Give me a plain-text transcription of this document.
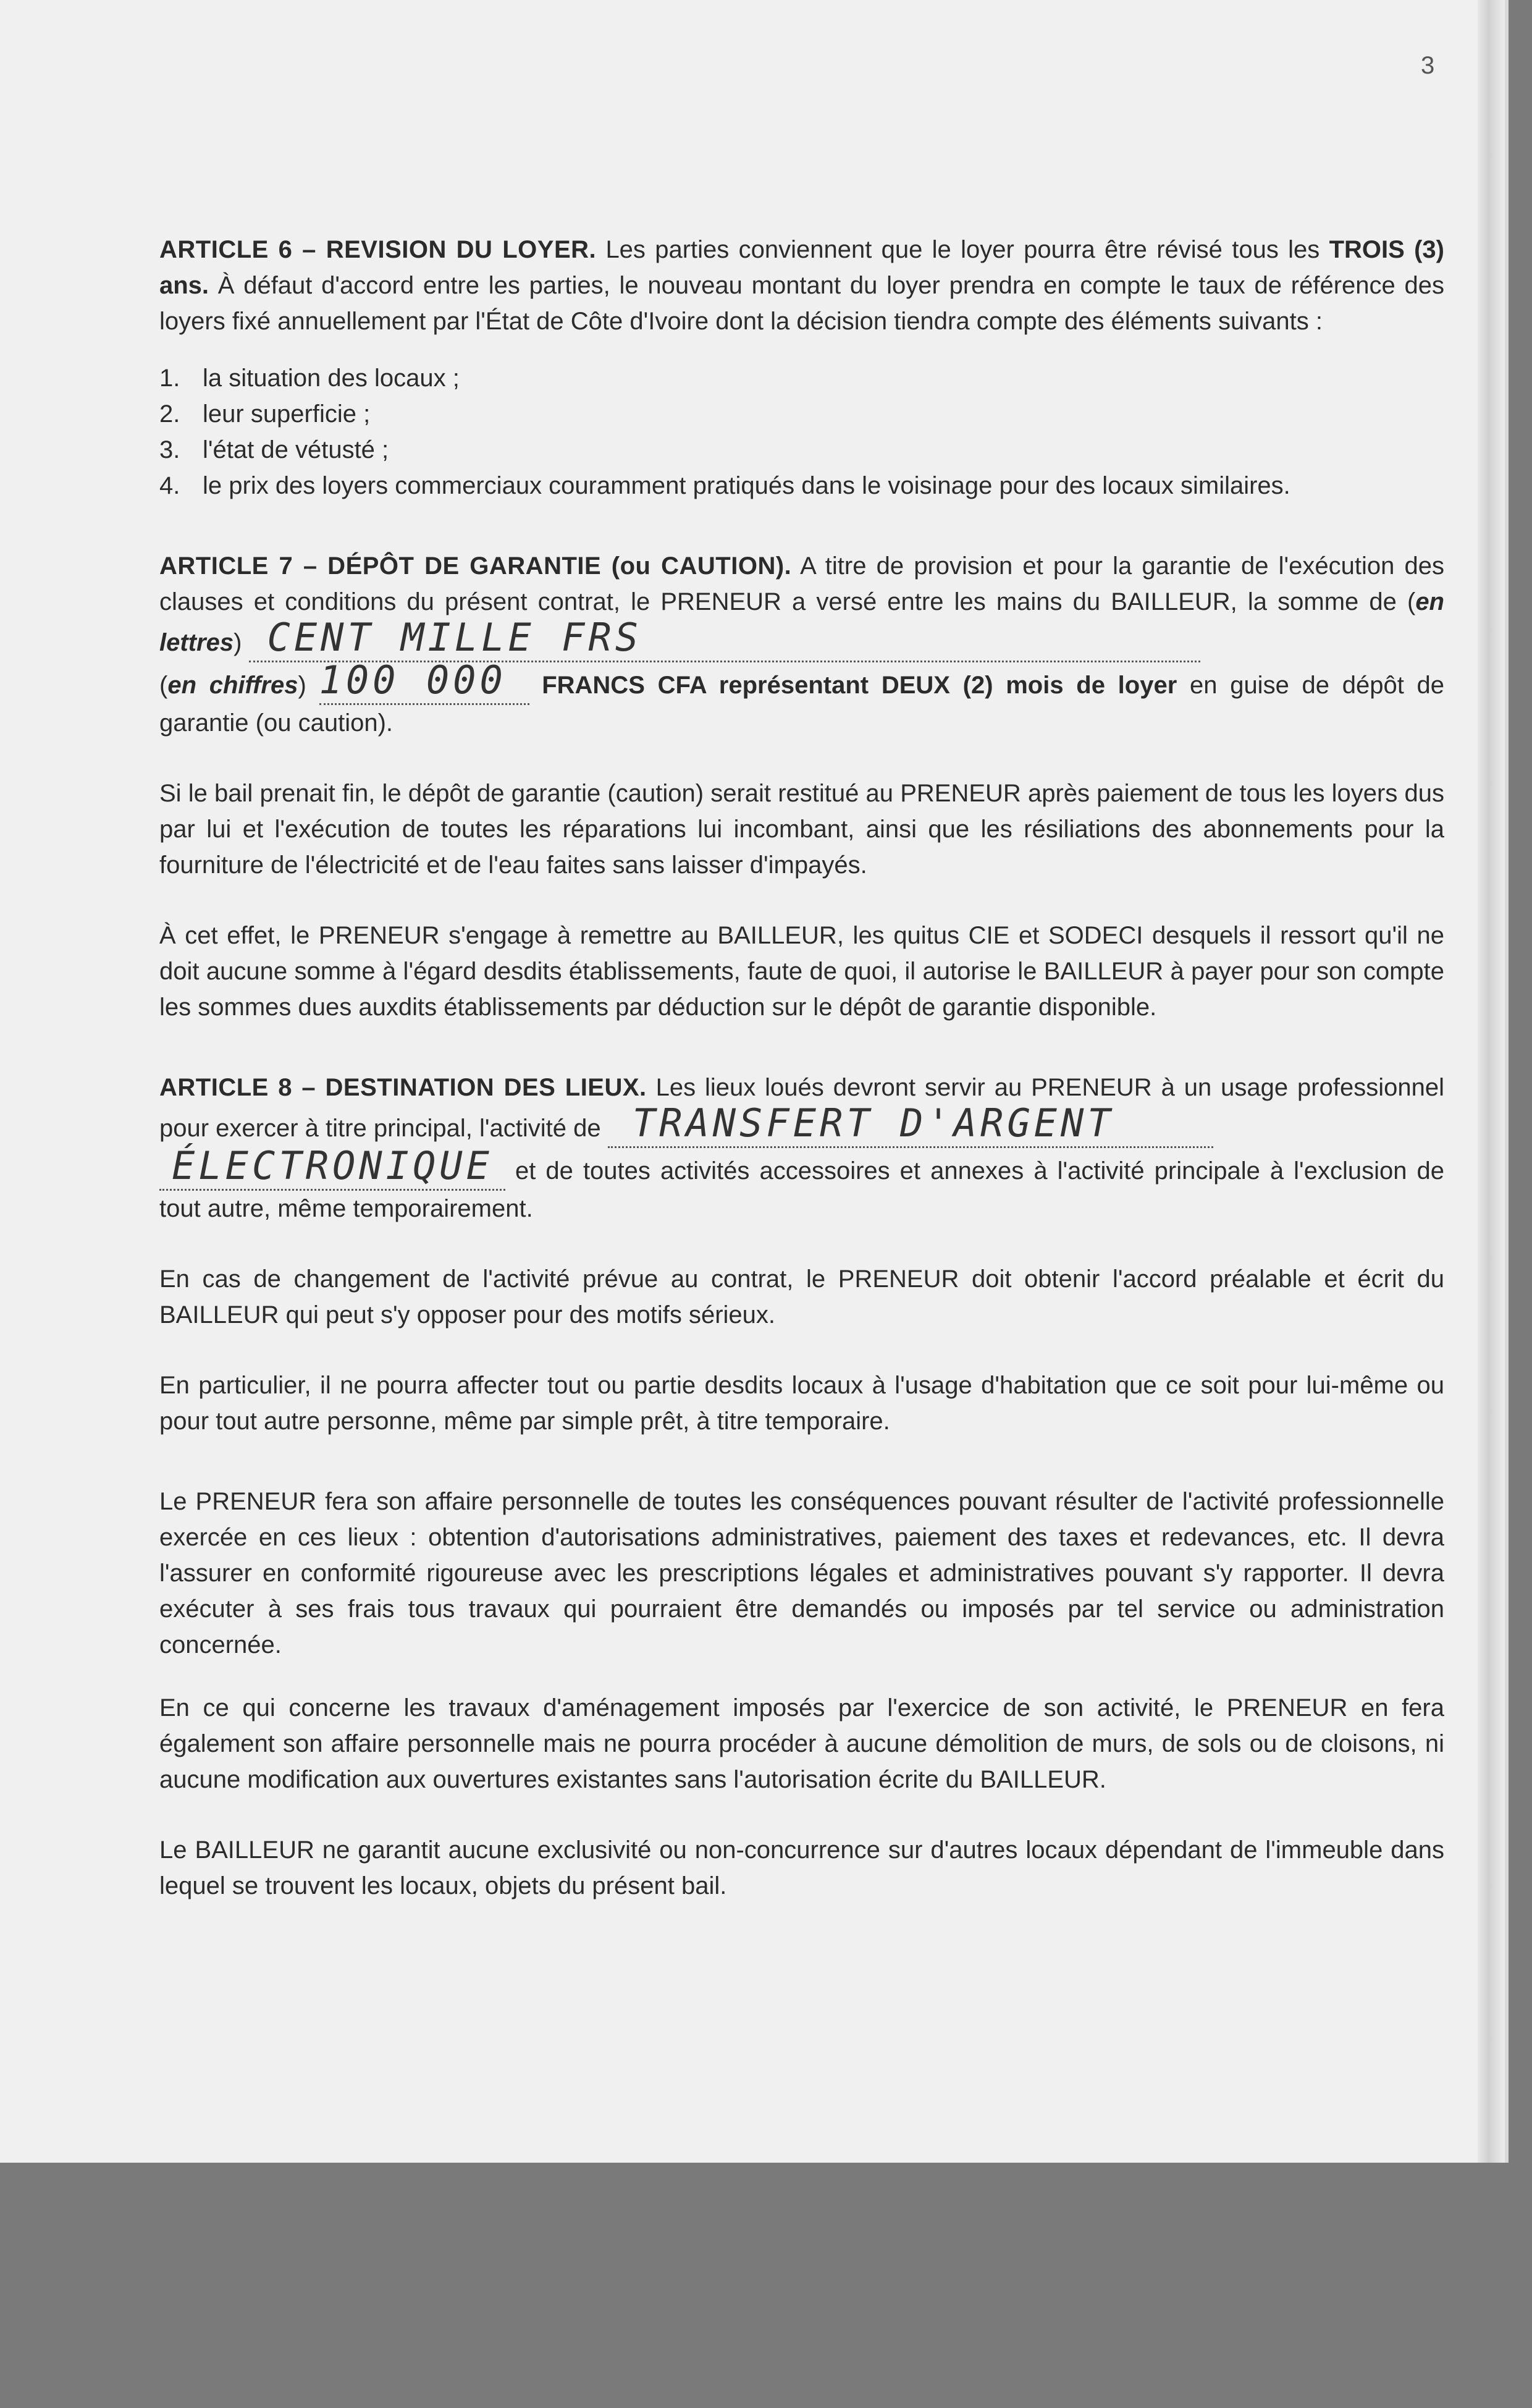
3

ARTICLE 6 – REVISION DU LOYER. Les parties conviennent que le loyer pourra être révisé tous les TROIS (3) ans. À défaut d'accord entre les parties, le nouveau montant du loyer prendra en compte le taux de référence des loyers fixé annuellement par l'État de Côte d'Ivoire dont la décision tiendra compte des éléments suivants :

1. la situation des locaux ;
2. leur superficie ;
3. l'état de vétusté ;
4. le prix des loyers commerciaux couramment pratiqués dans le voisinage pour des locaux similaires.

ARTICLE 7 – DÉPÔT DE GARANTIE (ou CAUTION). A titre de provision et pour la garantie de l'exécution des clauses et conditions du présent contrat, le PRENEUR a versé entre les mains du BAILLEUR, la somme de (en lettres) CENT MILLE FRS
(en chiffres) 100 000 FRANCS CFA représentant DEUX (2) mois de loyer en guise de dépôt de garantie (ou caution).

Si le bail prenait fin, le dépôt de garantie (caution) serait restitué au PRENEUR après paiement de tous les loyers dus par lui et l'exécution de toutes les réparations lui incombant, ainsi que les résiliations des abonnements pour la fourniture de l'électricité et de l'eau faites sans laisser d'impayés.

À cet effet, le PRENEUR s'engage à remettre au BAILLEUR, les quitus CIE et SODECI desquels il ressort qu'il ne doit aucune somme à l'égard desdits établissements, faute de quoi, il autorise le BAILLEUR à payer pour son compte les sommes dues auxdits établissements par déduction sur le dépôt de garantie disponible.

ARTICLE 8 – DESTINATION DES LIEUX. Les lieux loués devront servir au PRENEUR à un usage professionnel pour exercer à titre principal, l'activité de TRANSFERT D'ARGENT
ÉLECTRONIQUE et de toutes activités accessoires et annexes à l'activité principale à l'exclusion de tout autre, même temporairement.

En cas de changement de l'activité prévue au contrat, le PRENEUR doit obtenir l'accord préalable et écrit du BAILLEUR qui peut s'y opposer pour des motifs sérieux.

En particulier, il ne pourra affecter tout ou partie desdits locaux à l'usage d'habitation que ce soit pour lui-même ou pour tout autre personne, même par simple prêt, à titre temporaire.

Le PRENEUR fera son affaire personnelle de toutes les conséquences pouvant résulter de l'activité professionnelle exercée en ces lieux : obtention d'autorisations administratives, paiement des taxes et redevances, etc. Il devra l'assurer en conformité rigoureuse avec les prescriptions légales et administratives pouvant s'y rapporter. Il devra exécuter à ses frais tous travaux qui pourraient être demandés ou imposés par tel service ou administration concernée.

En ce qui concerne les travaux d'aménagement imposés par l'exercice de son activité, le PRENEUR en fera également son affaire personnelle mais ne pourra procéder à aucune démolition de murs, de sols ou de cloisons, ni aucune modification aux ouvertures existantes sans l'autorisation écrite du BAILLEUR.

Le BAILLEUR ne garantit aucune exclusivité ou non-concurrence sur d'autres locaux dépendant de l'immeuble dans lequel se trouvent les locaux, objets du présent bail.
